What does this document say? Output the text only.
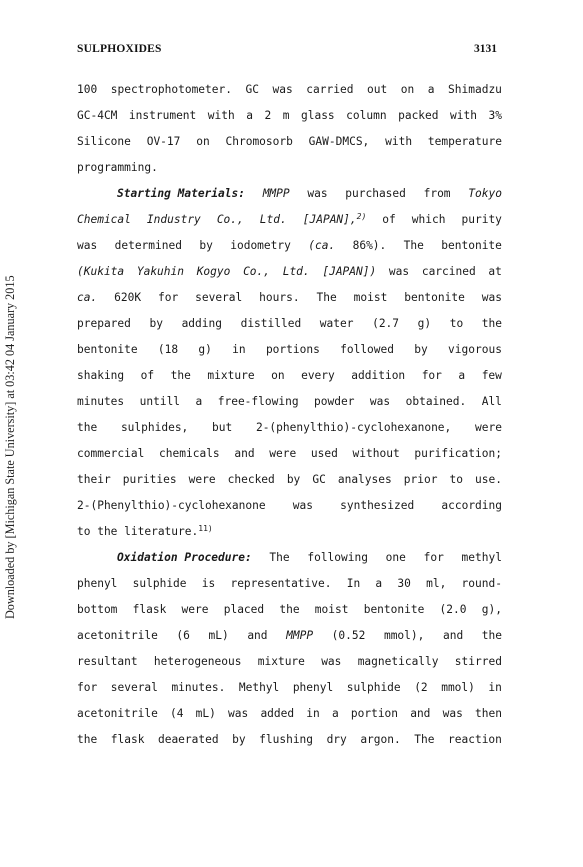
SULPHOXIDES	3131
Downloaded by [Michigan State University] at 03:42 04 January 2015
100 spectrophotometer. GC was carried out on a Shimadzu
GC-4CM instrument with a 2 m glass column packed with 3%
Silicone OV-17 on Chromosorb GAW-DMCS, with temperature
programming.
Starting Materials: MMPP was purchased from Tokyo
Chemical Industry Co., Ltd. [JAPAN],$^{2)}$ of which purity
was determined by iodometry (ca. 86%). The bentonite
(Kukita Yakuhin Kogyo Co., Ltd. [JAPAN]) was carcined at
ca. 620K for several hours. The moist bentonite was
prepared by adding distilled water (2.7 g) to the
bentonite (18 g) in portions followed by vigorous
shaking of the mixture on every addition for a few
minutes untill a free-flowing powder was obtained. All
the sulphides, but 2-(phenylthio)-cyclohexanone, were
commercial chemicals and were used without purification;
their purities were checked by GC analyses prior to use.
2-(Phenylthio)-cyclohexanone was synthesized according
to the literature.$^{11)}$
Oxidation Procedure: The following one for methyl
phenyl sulphide is representative. In a 30 ml, round-
bottom flask were placed the moist bentonite (2.0 g),
acetonitrile (6 mL) and MMPP (0.52 mmol), and the
resultant heterogeneous mixture was magnetically stirred
for several minutes. Methyl phenyl sulphide (2 mmol) in
acetonitrile (4 mL) was added in a portion and was then
the flask deaerated by flushing dry argon. The reaction
